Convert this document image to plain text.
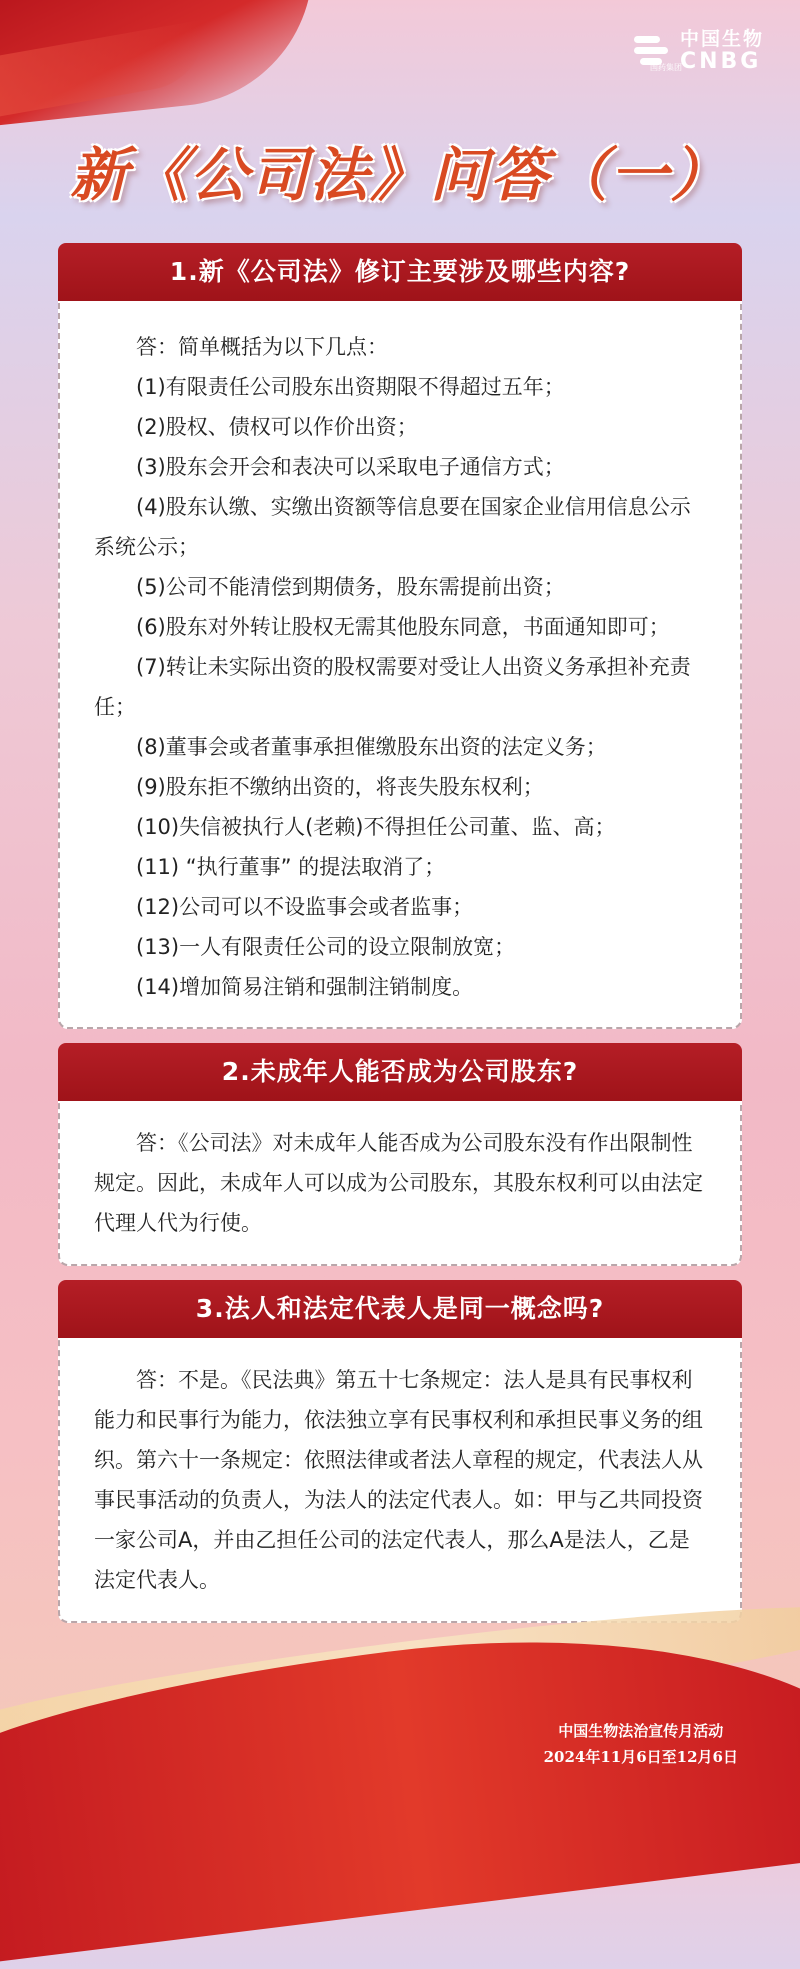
中国生物
CNBG
国药集团
新《公司法》问答（一）
1.新《公司法》修订主要涉及哪些内容?

答：简单概括为以下几点：

(1)有限责任公司股东出资期限不得超过五年；

(2)股权、债权可以作价出资；

(3)股东会开会和表决可以采取电子通信方式；

(4)股东认缴、实缴出资额等信息要在国家企业信用信息公示系统公示；

(5)公司不能清偿到期债务，股东需提前出资；

(6)股东对外转让股权无需其他股东同意，书面通知即可；

(7)转让未实际出资的股权需要对受让人出资义务承担补充责任；

(8)董事会或者董事承担催缴股东出资的法定义务；

(9)股东拒不缴纳出资的，将丧失股东权利；

(10)失信被执行人(老赖)不得担任公司董、监、高；

(11) “执行董事” 的提法取消了；

(12)公司可以不设监事会或者监事；

(13)一人有限责任公司的设立限制放宽；

(14)增加简易注销和强制注销制度。

2.未成年人能否成为公司股东?

答：《公司法》对未成年人能否成为公司股东没有作出限制性规定。因此，未成年人可以成为公司股东，其股东权利可以由法定代理人代为行使。

3.法人和法定代表人是同一概念吗?

答：不是。《民法典》第五十七条规定：法人是具有民事权利能力和民事行为能力，依法独立享有民事权利和承担民事义务的组织。第六十一条规定：依照法律或者法人章程的规定，代表法人从事民事活动的负责人，为法人的法定代表人。如：甲与乙共同投资一家公司A，并由乙担任公司的法定代表人，那么A是法人，乙是法定代表人。

中国生物法治宣传月活动
2024年11月6日至12月6日
